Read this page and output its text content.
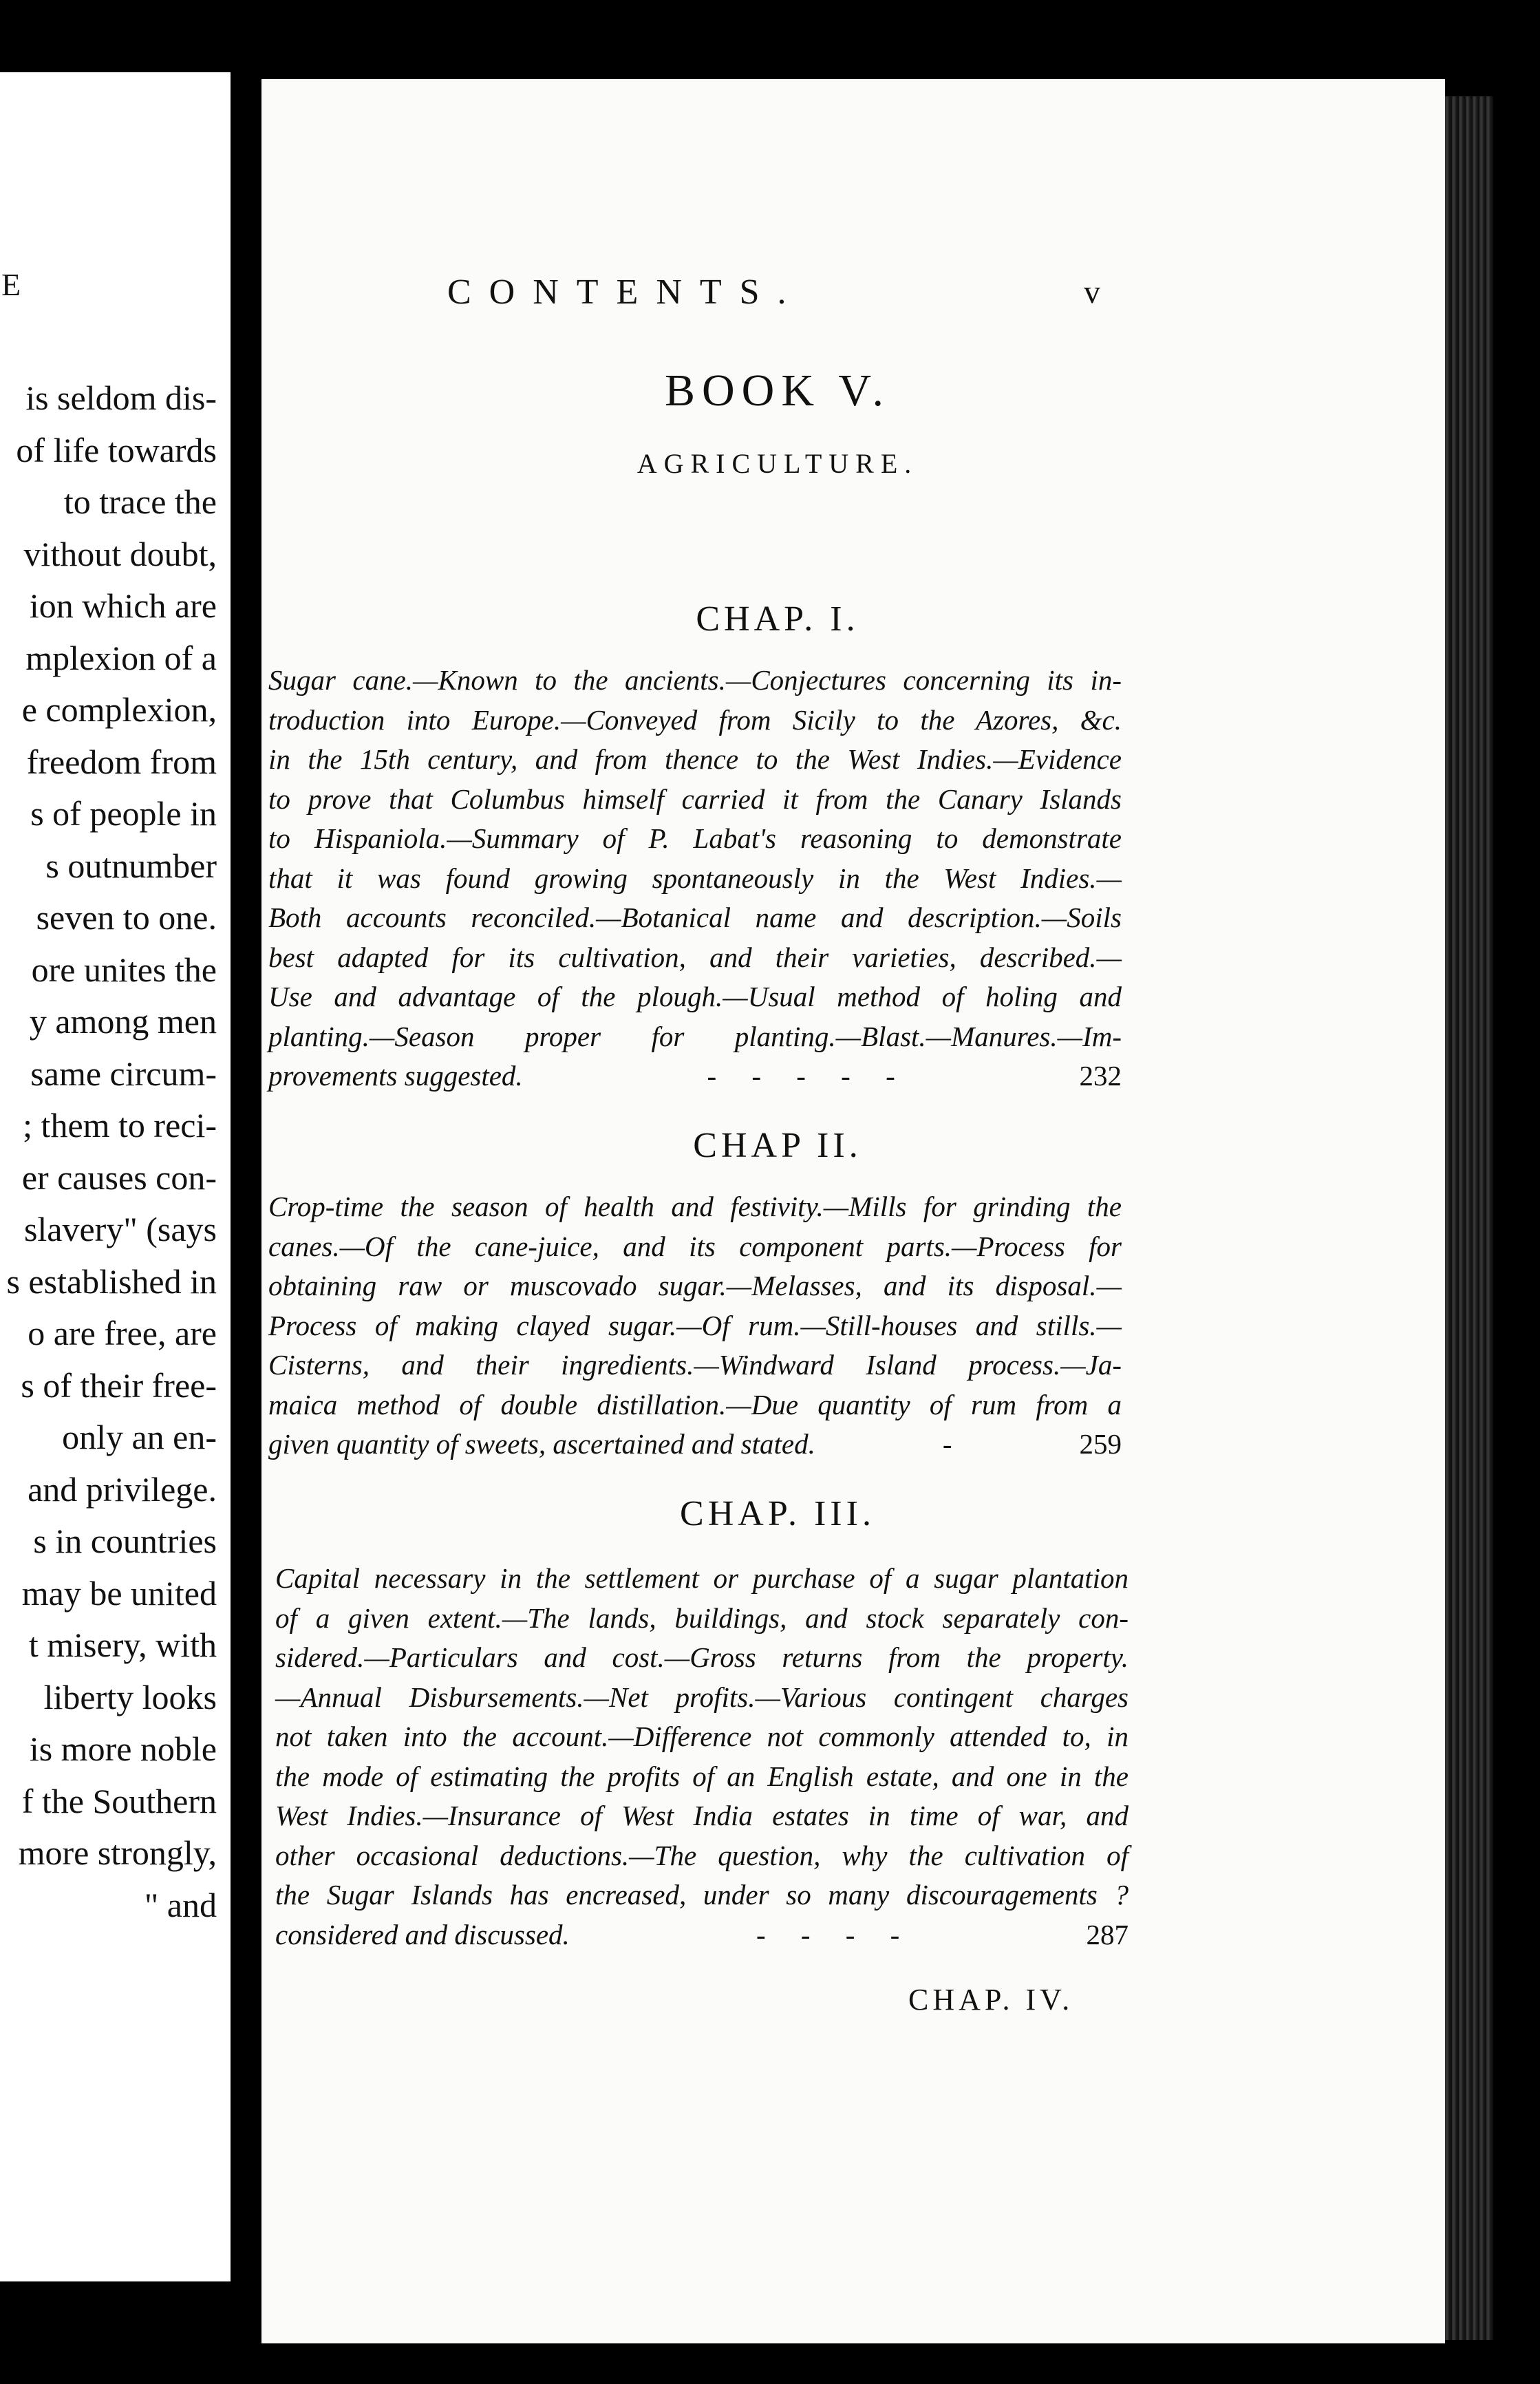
E
is seldom dis-
of life towards
to trace the
vithout doubt,
ion which are
mplexion of a
e complexion,
freedom from
s of people in
s outnumber
seven to one.
ore unites the
y among men
same circum-
; them to reci-
er causes con-
slavery" (says
s established in
o are free, are
s of their free-
only an en-
and privilege.
s in countries
may be united
t misery, with
liberty looks
is more noble
f the Southern
more strongly,
" and
CONTENTS.	v
BOOK V.
AGRICULTURE.
CHAP. I.
Sugar cane.—Known to the ancients.—Conjectures concerning its in-
troduction into Europe.—Conveyed from Sicily to the Azores, &c.
in the 15th century, and from thence to the West Indies.—Evidence
to prove that Columbus himself carried it from the Canary Islands
to Hispaniola.—Summary of P. Labat's reasoning to demonstrate
that it was found growing spontaneously in the West Indies.—
Both accounts reconciled.—Botanical name and description.—Soils
best adapted for its cultivation, and their varieties, described.—
Use and advantage of the plough.—Usual method of holing and
planting.—Season proper for planting.—Blast.—Manures.—Im-
provements suggested.	-     -     -     -     -	232
CHAP II.
Crop-time the season of health and festivity.—Mills for grinding the
canes.—Of the cane-juice, and its component parts.—Process for
obtaining raw or muscovado sugar.—Melasses, and its disposal.—
Process of making clayed sugar.—Of rum.—Still-houses and stills.—
Cisterns, and their ingredients.—Windward Island process.—Ja-
maica method of double distillation.—Due quantity of rum from a
given quantity of sweets, ascertained and stated.	-	259
CHAP. III.
Capital necessary in the settlement or purchase of a sugar plantation
of a given extent.—The lands, buildings, and stock separately con-
sidered.—Particulars and cost.—Gross returns from the property.
—Annual Disbursements.—Net profits.—Various contingent charges
not taken into the account.—Difference not commonly attended to, in
the mode of estimating the profits of an English estate, and one in the
West Indies.—Insurance of West India estates in time of war, and
other occasional deductions.—The question, why the cultivation of
the Sugar Islands has encreased, under so many discouragements ?
considered and discussed.	-     -     -     -	287
CHAP. IV.
